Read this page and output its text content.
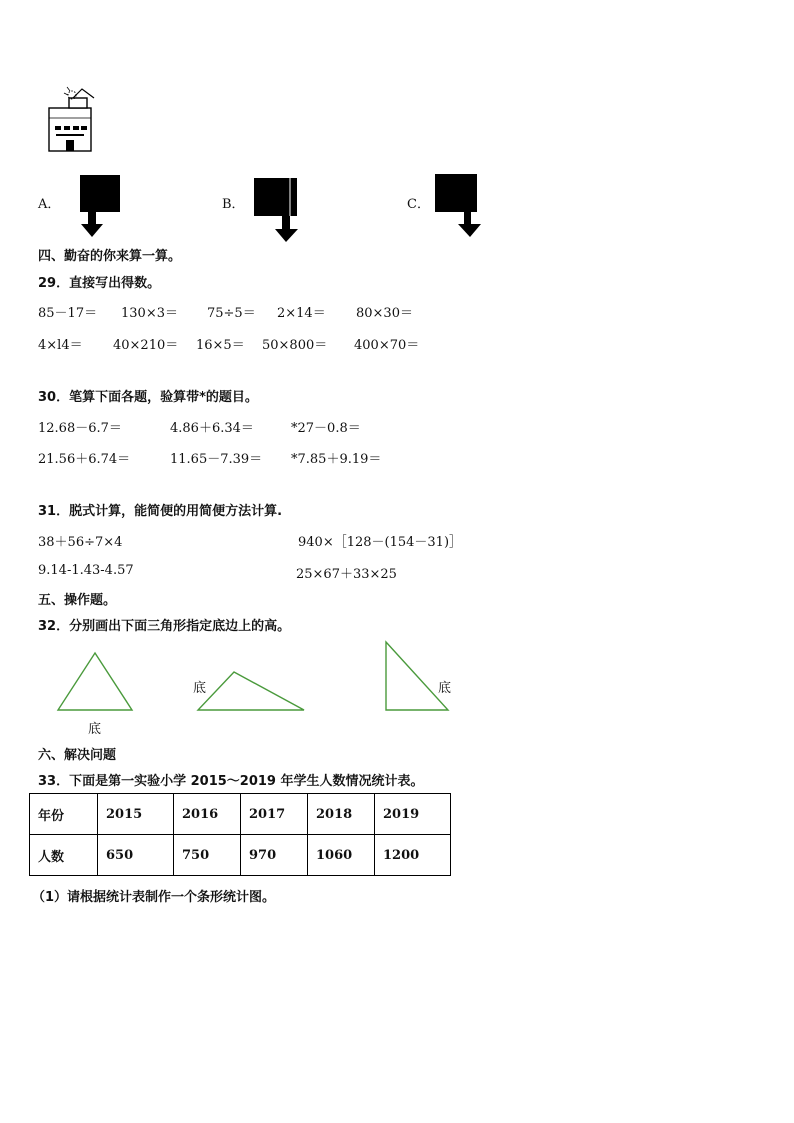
A．	B．	C．
四、勤奋的你来算一算。
29．直接写出得数。
85－17＝ 130×3＝ 75÷5＝ 2×14＝ 80×30＝
4×l4＝ 40×210＝ 16×5＝ 50×800＝ 400×70＝
30．笔算下面各题，验算带*的题目。
12.68－6.7＝	4.86＋6.34＝	*27－0.8＝
21.56＋6.74＝	11.65－7.39＝ *7.85＋9.19＝
31．脱式计算，能简便的用简便方法计算.
38＋56÷7×4	940×［128－(154－31)］
9.14-1.43-4.57	25×67＋33×25
五、操作题。
32．分别画出下面三角形指定底边上的高。
底
底	底
六、解决问题
33．下面是第一实验小学 2015～2019 年学生人数情况统计表。
年份	2015	2016	2017	2018	2019
人数	650	750	970	1060	1200
（1）请根据统计表制作一个条形统计图。
